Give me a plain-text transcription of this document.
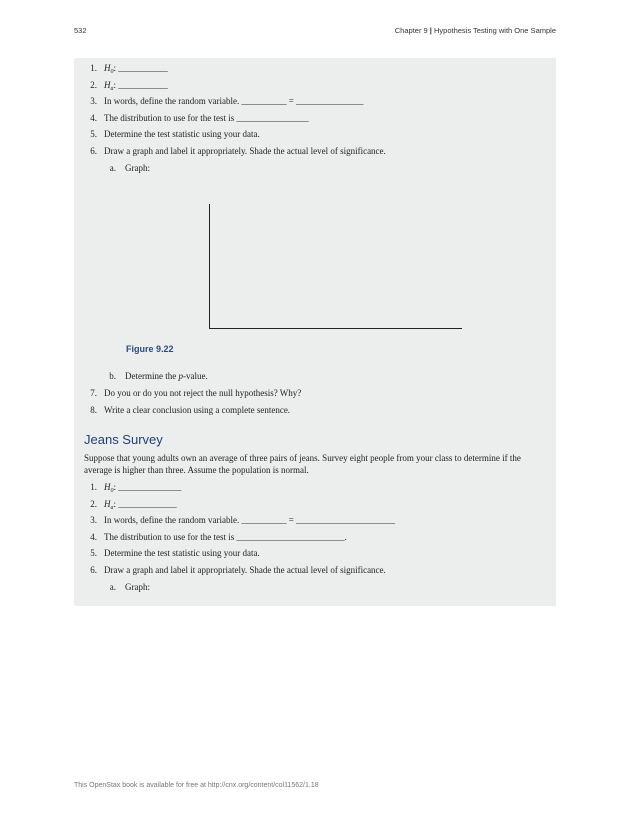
532	Chapter 9 | Hypothesis Testing with One Sample
1. $H_0$: ___________
2. $H_a$: ___________
3. In words, define the random variable. __________ = _______________
4. The distribution to use for the test is ________________
5. Determine the test statistic using your data.
6. Draw a graph and label it appropriately. Shade the actual level of significance.
a. Graph:
Figure 9.22
b. Determine the p-value.
7. Do you or do you not reject the null hypothesis? Why?
8. Write a clear conclusion using a complete sentence.
Jeans Survey
Suppose that young adults own an average of three pairs of jeans. Survey eight people from your class to determine if the average is higher than three. Assume the population is normal.
1. $H_0$: ______________
2. $H_a$: _____________
3. In words, define the random variable. __________ = ______________________
4. The distribution to use for the test is ________________________.
5. Determine the test statistic using your data.
6. Draw a graph and label it appropriately. Shade the actual level of significance.
a. Graph:
This OpenStax book is available for free at http://cnx.org/content/col11562/1.18
